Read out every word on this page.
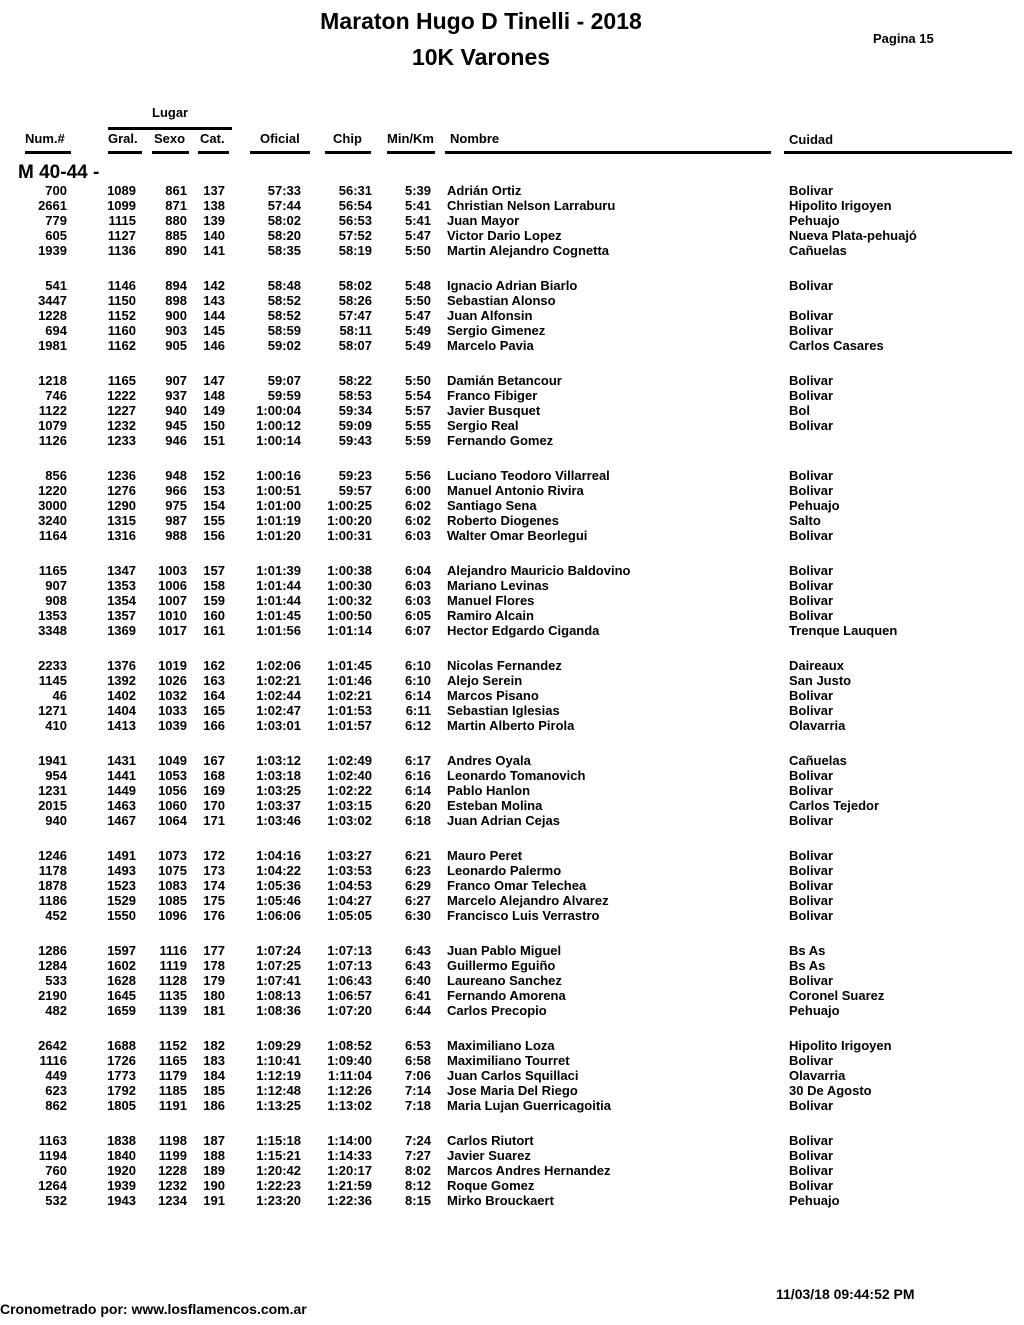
Maraton Hugo D Tinelli - 2018
10K Varones
Pagina 15
Lugar
Num.#	Gral. Sexo Cat.	Oficial	Chip Min/Km Nombre	Cuidad
M 40-44 -
700	1089 861 137	57:33	56:31	5:39 Adrián Ortiz	Bolivar
2661	1099 871 138	57:44	56:54	5:41 Christian Nelson Larraburu	Hipolito Irigoyen
779	1115 880 139	58:02	56:53	5:41 Juan Mayor	Pehuajo
605	1127 885 140	58:20	57:52	5:47 Victor Dario Lopez	Nueva Plata-pehuajó
1939	1136 890 141	58:35	58:19	5:50 Martin Alejandro Cognetta	Cañuelas
541	1146 894 142	58:48	58:02	5:48 Ignacio Adrian Biarlo	Bolivar
3447	1150 898 143	58:52	58:26	5:50 Sebastian Alonso
1228	1152 900 144	58:52	57:47	5:47 Juan Alfonsin	Bolivar
694	1160 903 145	58:59	58:11	5:49 Sergio Gimenez	Bolivar
1981	1162 905 146	59:02	58:07	5:49 Marcelo Pavia	Carlos Casares
1218	1165 907 147	59:07	58:22	5:50 Damián Betancour	Bolivar
746	1222 937 148	59:59	58:53	5:54 Franco Fibiger	Bolivar
1122	1227 940 149 1:00:04	59:34	5:57 Javier Busquet	Bol
1079	1232 945 150 1:00:12	59:09	5:55 Sergio Real	Bolivar
1126	1233 946 151 1:00:14	59:43	5:59 Fernando Gomez
856	1236 948 152 1:00:16	59:23	5:56 Luciano Teodoro Villarreal	Bolivar
1220	1276 966 153 1:00:51	59:57	6:00 Manuel Antonio Rivira	Bolivar
3000	1290 975 154 1:01:00 1:00:25	6:02 Santiago Sena	Pehuajo
3240	1315 987 155 1:01:19 1:00:20	6:02 Roberto Diogenes	Salto
1164	1316 988 156 1:01:20 1:00:31	6:03 Walter Omar Beorlegui	Bolivar
1165	1347 1003 157 1:01:39 1:00:38	6:04 Alejandro Mauricio Baldovino	Bolivar
907	1353 1006 158 1:01:44 1:00:30	6:03 Mariano Levinas	Bolivar
908	1354 1007 159 1:01:44 1:00:32	6:03 Manuel Flores	Bolivar
1353	1357 1010 160 1:01:45 1:00:50	6:05 Ramiro Alcain	Bolivar
3348	1369 1017 161 1:01:56 1:01:14	6:07 Hector Edgardo Ciganda	Trenque Lauquen
2233	1376 1019 162 1:02:06 1:01:45	6:10 Nicolas Fernandez	Daireaux
1145	1392 1026 163 1:02:21 1:01:46	6:10 Alejo Serein	San Justo
46	1402 1032 164 1:02:44 1:02:21	6:14 Marcos Pisano	Bolivar
1271	1404 1033 165 1:02:47 1:01:53	6:11 Sebastian Iglesias	Bolivar
410	1413 1039 166 1:03:01 1:01:57	6:12 Martin Alberto Pirola	Olavarria
1941	1431 1049 167 1:03:12 1:02:49	6:17 Andres Oyala	Cañuelas
954	1441 1053 168 1:03:18 1:02:40	6:16 Leonardo Tomanovich	Bolivar
1231	1449 1056 169 1:03:25 1:02:22	6:14 Pablo Hanlon	Bolivar
2015	1463 1060 170 1:03:37 1:03:15	6:20 Esteban Molina	Carlos Tejedor
940	1467 1064 171 1:03:46 1:03:02	6:18 Juan Adrian Cejas	Bolivar
1246	1491 1073 172 1:04:16 1:03:27	6:21 Mauro Peret	Bolivar
1178	1493 1075 173 1:04:22 1:03:53	6:23 Leonardo Palermo	Bolivar
1878	1523 1083 174 1:05:36 1:04:53	6:29 Franco Omar Telechea	Bolivar
1186	1529 1085 175 1:05:46 1:04:27	6:27 Marcelo Alejandro Alvarez	Bolivar
452	1550 1096 176 1:06:06 1:05:05	6:30 Francisco Luis Verrastro	Bolivar
1286	1597 1116 177 1:07:24 1:07:13	6:43 Juan Pablo Miguel	Bs As
1284	1602 1119 178 1:07:25 1:07:13	6:43 Guillermo Eguiño	Bs As
533	1628 1128 179 1:07:41 1:06:43	6:40 Laureano Sanchez	Bolivar
2190	1645 1135 180 1:08:13 1:06:57	6:41 Fernando Amorena	Coronel Suarez
482	1659 1139 181 1:08:36 1:07:20	6:44 Carlos Precopio	Pehuajo
2642	1688 1152 182 1:09:29 1:08:52	6:53 Maximiliano Loza	Hipolito Irigoyen
1116	1726 1165 183 1:10:41 1:09:40	6:58 Maximiliano Tourret	Bolivar
449	1773 1179 184 1:12:19 1:11:04	7:06 Juan Carlos Squillaci	Olavarria
623	1792 1185 185 1:12:48 1:12:26	7:14 Jose Maria Del Riego	30 De Agosto
862	1805 1191 186 1:13:25 1:13:02	7:18 Maria Lujan Guerricagoitia	Bolivar
1163	1838 1198 187 1:15:18 1:14:00	7:24 Carlos Riutort	Bolivar
1194	1840 1199 188 1:15:21 1:14:33	7:27 Javier Suarez	Bolivar
760	1920 1228 189 1:20:42 1:20:17	8:02 Marcos Andres Hernandez	Bolivar
1264	1939 1232 190 1:22:23 1:21:59	8:12 Roque Gomez	Bolivar
532	1943 1234 191 1:23:20 1:22:36	8:15 Mirko Brouckaert	Pehuajo
11/03/18 09:44:52 PM
Cronometrado por: www.losflamencos.com.ar
